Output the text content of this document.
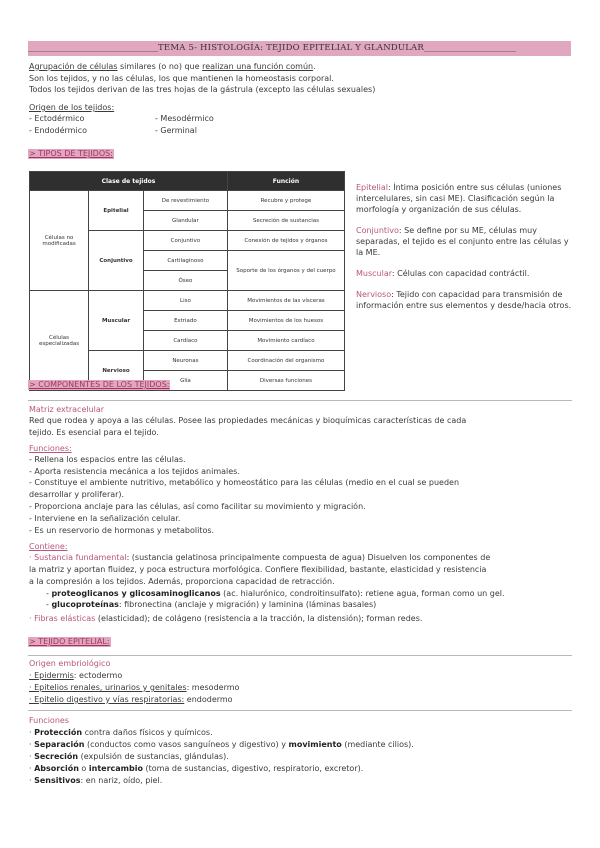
________________________TEMA 5- HISTOLOGÍA: TEJIDO EPITELIAL Y GLANDULAR_________________
Agrupación de células similares (o no) que realizan una función común.
Son los tejidos, y no las células, los que mantienen la homeostasis corporal.
Todos los tejidos derivan de las tres hojas de la gástrula (excepto las células sexuales)
Origen de los tejidos:
- Ectodérmico
- Endodérmico
- Mesodérmico
- Germinal
> TIPOS DE TEJIDOS:
Clase de tejidos			Función
Células no modificadas	Epitelial	De revestimiento	Recubre y protege
		Glandular	Secreción de sustancias
	Conjuntivo	Conjuntivo	Conexión de tejidos y órganos
		Cartilaginoso	Soporte de los órganos y del cuerpo
		Óseo	
Células especializadas	Muscular	Liso	Movimientos de las vísceras
		Estriado	Movimientos de los huesos
		Cardíaco	Movimiento cardíaco
	Nervioso	Neuronas	Coordinación del organismo
		Glía	Diversas funciones

Epitelial: Íntima posición entre sus células (uniones intercelulares, sin casi ME). Clasificación según la morfología y organización de sus células.

Conjuntivo: Se define por su ME, células muy separadas, el tejido es el conjunto entre las células y la ME.

Muscular: Células con capacidad contráctil.

Nervioso: Tejido con capacidad para transmisión de información entre sus elementos y desde/hacia otros.

> COMPONENTES DE LOS TEJIDOS:
Matriz extracelular
Red que rodea y apoya a las células. Posee las propiedades mecánicas y bioquímicas características de cada
tejido. Es esencial para el tejido.
Funciones:
- Rellena los espacios entre las células.
- Aporta resistencia mecánica a los tejidos animales.
- Constituye el ambiente nutritivo, metabólico y homeostático para las células (medio en el cual se pueden
desarrollar y proliferar).
- Proporciona anclaje para las células, así como facilitar su movimiento y migración.
- Interviene en la señalización celular.
- Es un reservorio de hormonas y metabolitos.
Contiene:
· Sustancia fundamental: (sustancia gelatinosa principalmente compuesta de agua) Disuelven los componentes de
la matriz y aportan fluidez, y poca estructura morfológica. Confiere flexibilidad, bastante, elasticidad y resistencia
a la compresión a los tejidos. Además, proporciona capacidad de retracción.
- proteoglicanos y glicosaminoglicanos (ac. hialurónico, condroitinsulfato): retiene agua, forman como un gel.
- glucoproteínas: fibronectina (anclaje y migración) y laminina (láminas basales)
· Fibras elásticas (elasticidad); de colágeno (resistencia a la tracción, la distensión); forman redes.
> TEJIDO EPITELIAL:
Origen embriológico
· Epidermis: ectodermo
· Epitelios renales, urinarios y genitales: mesodermo
· Epitelio digestivo y vías respiratorias: endodermo
Funciones
· Protección contra daños físicos y químicos.
· Separación (conductos como vasos sanguíneos y digestivo) y movimiento (mediante cilios).
· Secreción (expulsión de sustancias, glándulas).
· Absorción o intercambio (toma de sustancias, digestivo, respiratorio, excretor).
· Sensitivos: en nariz, oído, piel.
